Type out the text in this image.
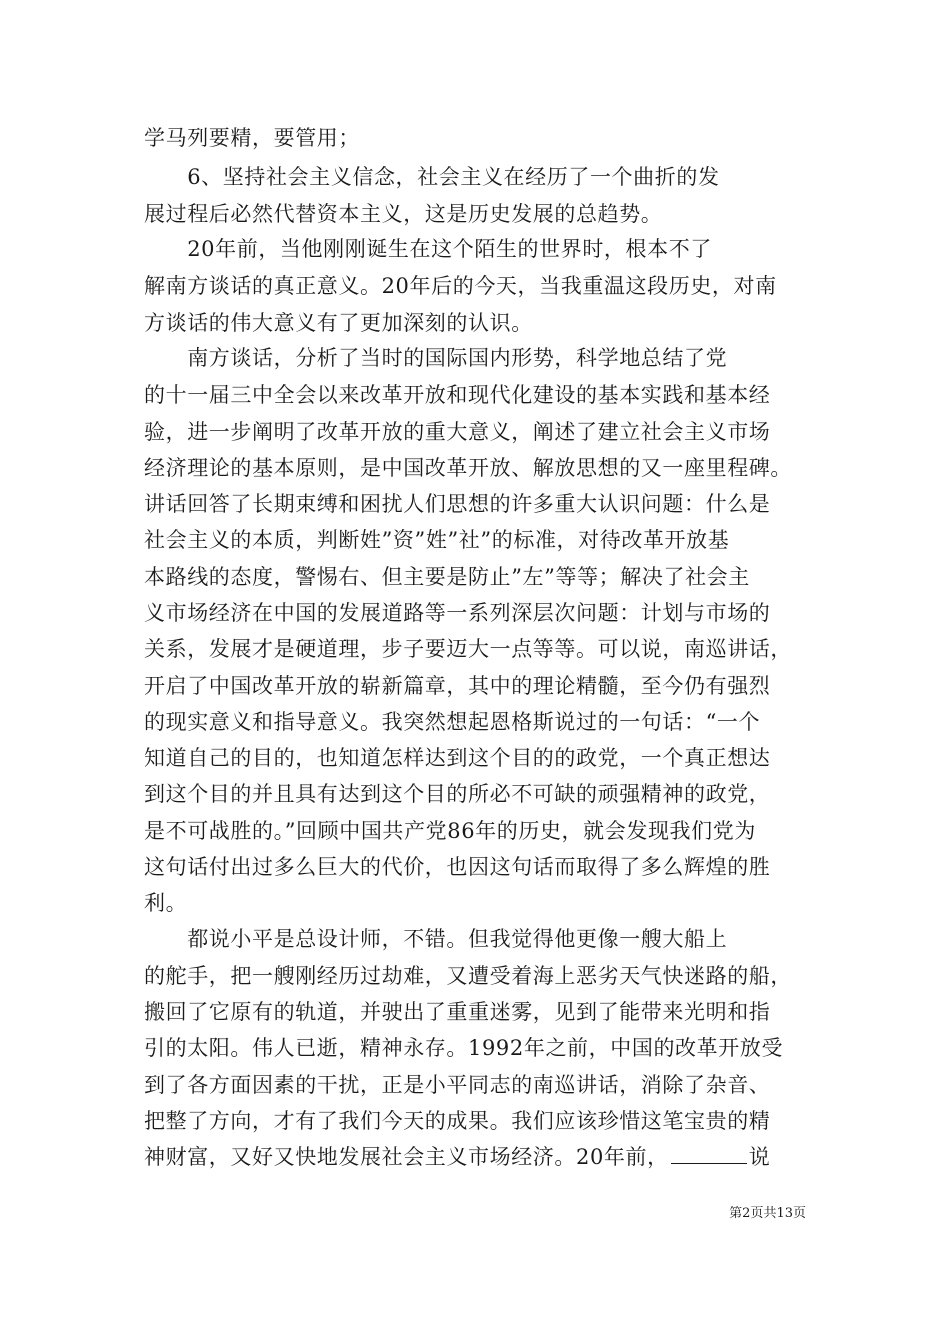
学马列要精，要管用；
　　6、坚持社会主义信念，社会主义在经历了一个曲折的发
展过程后必然代替资本主义，这是历史发展的总趋势。
　　20年前，当他刚刚诞生在这个陌生的世界时，根本不了
解南方谈话的真正意义。20年后的今天，当我重温这段历史，对南
方谈话的伟大意义有了更加深刻的认识。
　　南方谈话，分析了当时的国际国内形势，科学地总结了党
的十一届三中全会以来改革开放和现代化建设的基本实践和基本经
验，进一步阐明了改革开放的重大意义，阐述了建立社会主义市场
经济理论的基本原则，是中国改革开放、解放思想的又一座里程碑。
讲话回答了长期束缚和困扰人们思想的许多重大认识问题：什么是
社会主义的本质，判断姓”资”姓”社”的标准，对待改革开放基
本路线的态度，警惕右、但主要是防止”左”等等；解决了社会主
义市场经济在中国的发展道路等一系列深层次问题：计划与市场的
关系，发展才是硬道理，步子要迈大一点等等。可以说，南巡讲话，
开启了中国改革开放的崭新篇章，其中的理论精髓，至今仍有强烈
的现实意义和指导意义。我突然想起恩格斯说过的一句话：“一个
知道自己的目的，也知道怎样达到这个目的的政党，一个真正想达
到这个目的并且具有达到这个目的所必不可缺的顽强精神的政党，
是不可战胜的。”回顾中国共产党86年的历史，就会发现我们党为
这句话付出过多么巨大的代价，也因这句话而取得了多么辉煌的胜
利。
　　都说小平是总设计师，不错。但我觉得他更像一艘大船上
的舵手，把一艘刚经历过劫难，又遭受着海上恶劣天气快迷路的船，
搬回了它原有的轨道，并驶出了重重迷雾，见到了能带来光明和指
引的太阳。伟人已逝，精神永存。1992年之前，中国的改革开放受
到了各方面因素的干扰，正是小平同志的南巡讲话，消除了杂音、
把整了方向，才有了我们今天的成果。我们应该珍惜这笔宝贵的精
神财富，又好又快地发展社会主义市场经济。20年前，	说
第2页共13页
